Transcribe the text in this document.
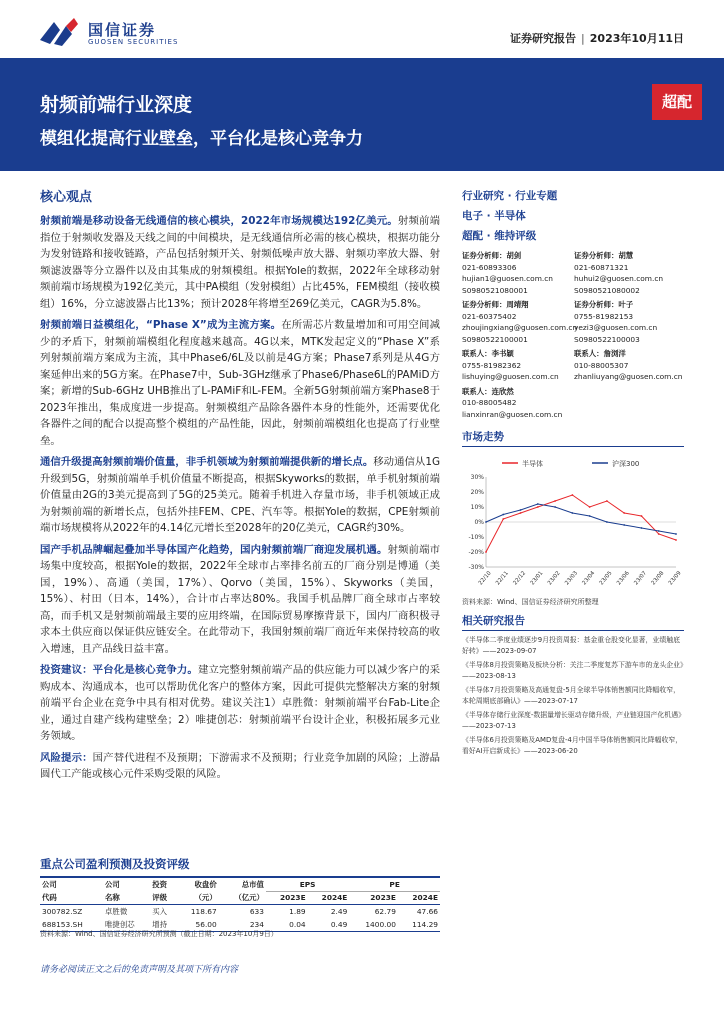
国信证券
GUOSEN SECURITIES	证券研究报告 | 2023年10月11日
射频前端行业深度
模组化提高行业壁垒，平台化是核心竞争力
超配
核心观点
射频前端是移动设备无线通信的核心模块，2022年市场规模达192亿美元。射频前端指位于射频收发器及天线之间的中间模块，是无线通信所必需的核心模块，根据功能分为发射链路和接收链路，产品包括射频开关、射频低噪声放大器、射频功率放大器、射频滤波器等分立器件以及由其集成的射频模组。根据Yole的数据，2022年全球移动射频前端市场规模为192亿美元，其中PA模组（发射模组）占比45%，FEM模组（接收模组）16%，分立滤波器占比13%；预计2028年将增至269亿美元，CAGR为5.8%。
射频前端日益模组化，“Phase X”成为主流方案。在所需芯片数量增加和可用空间减少的矛盾下，射频前端模组化程度越来越高。4G以来，MTK发起定义的“Phase X”系列射频前端方案成为主流，其中Phase6/6L及以前是4G方案；Phase7系列是从4G方案延伸出来的5G方案。在Phase7中，Sub-3GHz继承了Phase6/Phase6L的PAMiD方案；新增的Sub-6GHz UHB推出了L-PAMiF和L-FEM。全新5G射频前端方案Phase8于2023年推出，集成度进一步提高。射频模组产品除各器件本身的性能外，还需要优化各器件之间的配合以提高整个模组的产品性能，因此，射频前端模组化也提高了行业壁垒。
通信升级提高射频前端价值量，非手机领域为射频前端提供新的增长点。移动通信从1G升级到5G，射频前端单手机价值量不断提高，根据Skyworks的数据，单手机射频前端价值量由2G的3美元提高到了5G的25美元。随着手机进入存量市场，非手机领域正成为射频前端的新增长点，包括外挂FEM、CPE、汽车等。根据Yole的数据，CPE射频前端市场规模将从2022年的4.14亿元增长至2028年的20亿美元，CAGR约30%。
国产手机品牌崛起叠加半导体国产化趋势，国内射频前端厂商迎发展机遇。射频前端市场集中度较高，根据Yole的数据，2022年全球市占率排名前五的厂商分别是博通（美国，19%）、高通（美国，17%）、Qorvo（美国，15%）、Skyworks（美国，15%）、村田（日本，14%），合计市占率达80%。我国手机品牌厂商全球市占率较高，而手机又是射频前端最主要的应用终端，在国际贸易摩擦背景下，国内厂商积极寻求本土供应商以保证供应链安全。在此带动下，我国射频前端厂商近年来保持较高的收入增速，且产品线日益丰富。
投资建议：平台化是核心竞争力。建立完整射频前端产品的供应能力可以减少客户的采购成本、沟通成本，也可以帮助优化客户的整体方案，因此可提供完整解决方案的射频前端平台企业在竞争中具有相对优势。建议关注1）卓胜微：射频前端平台Fab-Lite企业，通过自建产线构建壁垒；2）唯捷创芯：射频前端平台设计企业，积极拓展多元业务领域。
风险提示：国产替代进程不及预期；下游需求不及预期；行业竞争加剧的风险；上游晶圆代工产能或核心元件采购受限的风险。
行业研究 · 行业专题
电子 · 半导体
超配 · 维持评级
证券分析师：胡剑
021-60893306
hujian1@guosen.com.cn
S0980521080001
证券分析师：胡慧
021-60871321
huhui2@guosen.com.cn
S0980521080002
证券分析师：周靖翔
021-60375402
zhoujingxiang@guosen.com.cn
S0980522100001
证券分析师：叶子
0755-81982153
yezi3@guosen.com.cn
S0980522100003
联系人：李书颖
0755-81982362
lishuying@guosen.com.cn
联系人：詹浏洋
010-88005307
zhanliuyang@guosen.com.cn
联系人：连欣然
010-88005482
lianxinran@guosen.com.cn
市场走势
半导体	沪深300
30%
20%
10%
0%
-10%
-20%
-30%
22/10 22/11 22/12 23/01 23/02 23/03 23/04 23/05 23/06 23/07 23/08 23/09
资料来源：Wind、国信证券经济研究所整理
相关研究报告
《半导体二季度业绩逐步9月投资周报：基金重仓股变化显著，业绩触底好转》——2023-09-07
《半导体8月投资策略及板块分析：关注二季度复苏下游车市的龙头企业》——2023-08-13
《半导体7月投资策略及高通复盘-5月全球半导体销售额同比降幅收窄，本轮周期底部确认》——2023-07-17
《半导体存储行业深度-数据量增长驱动存储升级，产业链迎国产化机遇》——2023-07-13
《半导体6月投资策略及AMD复盘-4月中国半导体销售额同比降幅收窄，看好AI开启新成长》——2023-06-20
重点公司盈利预测及投资评级
公司	公司	投资	收盘价	总市值	EPS		PE	
代码	名称	评级	（元）	（亿元）	2023E	2024E	2023E	2024E
300782.SZ	卓胜微	买入	118.67	633	1.89	2.49	62.79	47.66
688153.SH	唯捷创芯	增持	56.00	234	0.04	0.49	1400.00	114.29
资料来源：Wind、国信证券经济研究所预测（截止日期：2023年10月9日）
请务必阅读正文之后的免责声明及其项下所有内容
